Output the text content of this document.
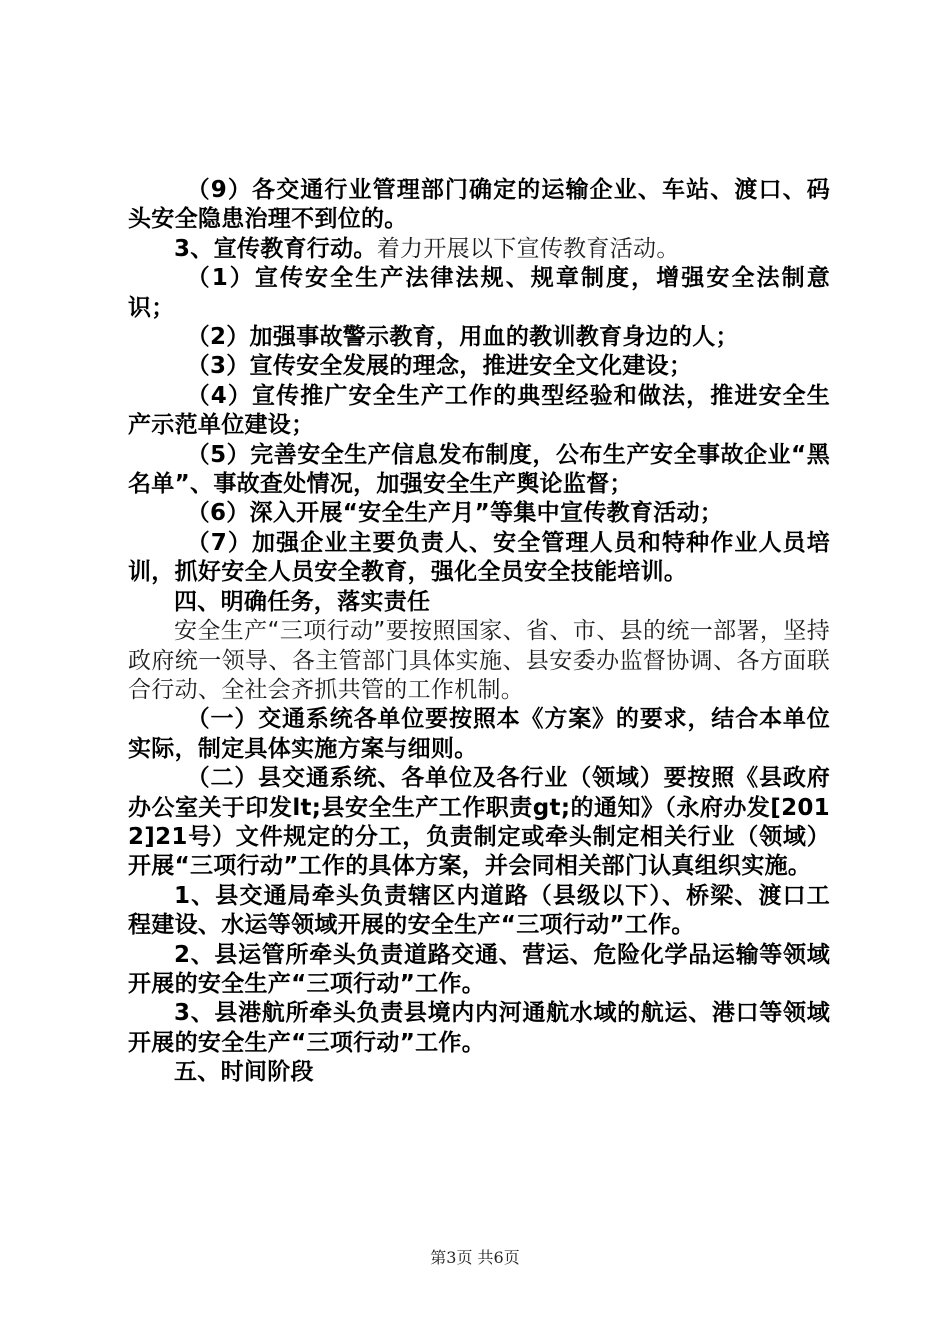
（9）各交通行业管理部门确定的运输企业、车站、渡口、码头安全隐患治理不到位的。

3、宣传教育行动。着力开展以下宣传教育活动。

（1）宣传安全生产法律法规、规章制度，增强安全法制意识；

（2）加强事故警示教育，用血的教训教育身边的人；

（3）宣传安全发展的理念，推进安全文化建设；

（4）宣传推广安全生产工作的典型经验和做法，推进安全生产示范单位建设；

（5）完善安全生产信息发布制度，公布生产安全事故企业“黑名单”、事故查处情况，加强安全生产舆论监督；

（6）深入开展“安全生产月”等集中宣传教育活动；

（7）加强企业主要负责人、安全管理人员和特种作业人员培训，抓好安全人员安全教育，强化全员安全技能培训。

四、明确任务，落实责任

安全生产“三项行动”要按照国家、省、市、县的统一部署，坚持政府统一领导、各主管部门具体实施、县安委办监督协调、各方面联合行动、全社会齐抓共管的工作机制。

（一）交通系统各单位要按照本《方案》的要求，结合本单位实际，制定具体实施方案与细则。

（二）县交通系统、各单位及各行业（领域）要按照《县政府办公室关于印发lt;县安全生产工作职责gt;的通知》（永府办发[2012]21号）文件规定的分工，负责制定或牵头制定相关行业（领域）开展“三项行动”工作的具体方案，并会同相关部门认真组织实施。

1、县交通局牵头负责辖区内道路（县级以下）、桥梁、渡口工程建设、水运等领域开展的安全生产“三项行动”工作。

2、县运管所牵头负责道路交通、营运、危险化学品运输等领域开展的安全生产“三项行动”工作。

3、县港航所牵头负责县境内内河通航水域的航运、港口等领域开展的安全生产“三项行动”工作。

五、时间阶段

第3页 共6页
